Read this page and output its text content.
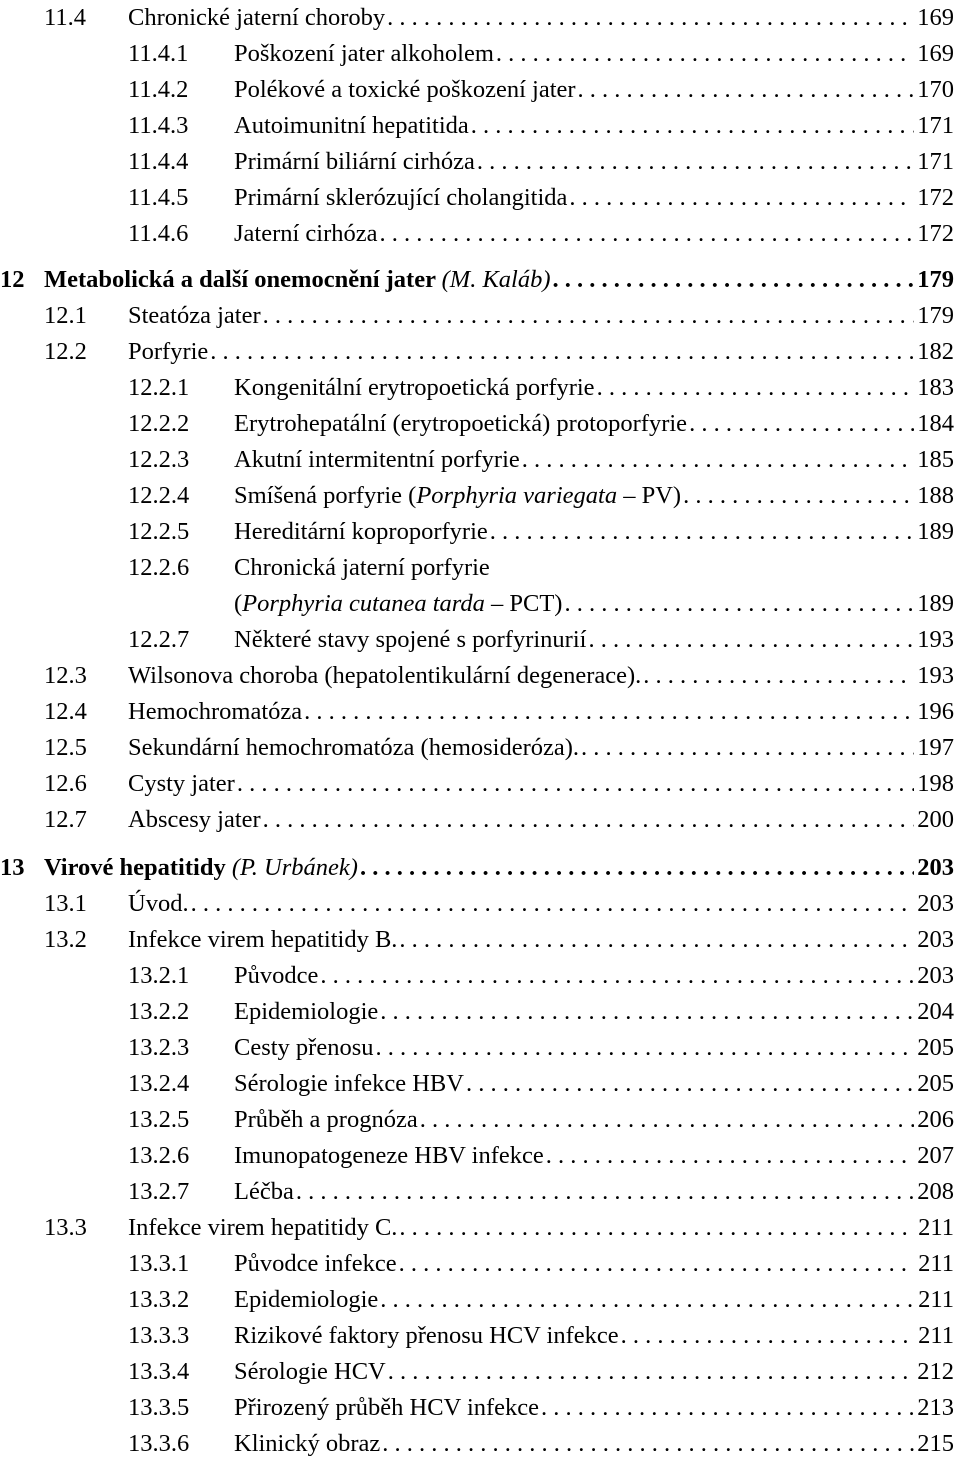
11.4 Chronické jaterní choroby . . .	169
11.4.1 Poškození jater alkoholem . . .	169
11.4.2 Polékové a toxické poškození jater . . .	170
11.4.3 Autoimunitní hepatitida . . .	171
11.4.4 Primární biliární cirhóza . . .	171
11.4.5 Primární sklerózující cholangitida . . .	172
11.4.6 Jaterní cirhóza . . .	172
12 Metabolická a další onemocnění jater (M. Kaláb) . . .	179
12.1 Steatóza jater . . .	179
12.2 Porfyrie . . .	182
12.2.1 Kongenitální erytropoetická porfyrie . . .	183
12.2.2 Erytrohepatální (erytropoetická) protoporfyrie . . .	184
12.2.3 Akutní intermitentní porfyrie . . .	185
12.2.4 Smíšená porfyrie (Porphyria variegata – PV) . . .	188
12.2.5 Hereditární koproporfyrie . . .	189
12.2.6 Chronická jaterní porfyrie
(Porphyria cutanea tarda – PCT) . . .	189
12.2.7 Některé stavy spojené s porfyrinurií . . .	193
12.3 Wilsonova choroba (hepatolentikulární degenerace). . . .	193
12.4 Hemochromatóza . . .	196
12.5 Sekundární hemochromatóza (hemosideróza). . . .	197
12.6 Cysty jater . . .	198
12.7 Abscesy jater . . .	200
13 Virové hepatitidy (P. Urbánek) . . .	203
13.1 Úvod. . . .	203
13.2 Infekce virem hepatitidy B. . . .	203
13.2.1 Původce . . .	203
13.2.2 Epidemiologie . . .	204
13.2.3 Cesty přenosu . . .	205
13.2.4 Sérologie infekce HBV . . .	205
13.2.5 Průběh a prognóza . . .	206
13.2.6 Imunopatogeneze HBV infekce . . .	207
13.2.7 Léčba . . .	208
13.3 Infekce virem hepatitidy C. . . .	211
13.3.1 Původce infekce . . .	211
13.3.2 Epidemiologie . . .	211
13.3.3 Rizikové faktory přenosu HCV infekce . . .	211
13.3.4 Sérologie HCV . . .	212
13.3.5 Přirozený průběh HCV infekce . . .	213
13.3.6 Klinický obraz . . .	215
